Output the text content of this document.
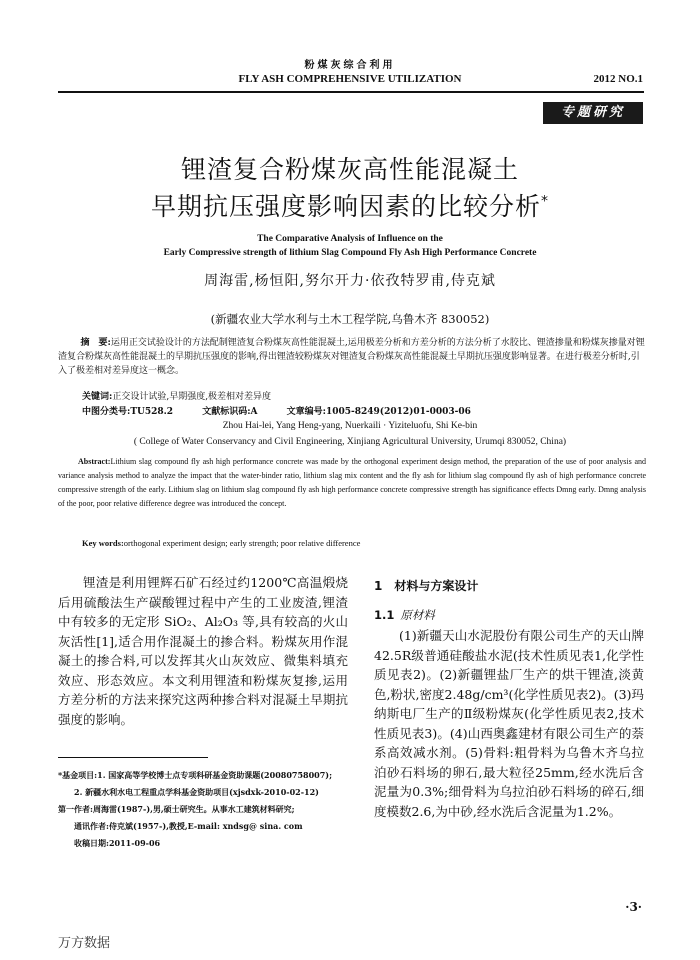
粉煤灰综合利用
FLY ASH COMPREHENSIVE UTILIZATION	2012 NO.1
专题研究
锂渣复合粉煤灰高性能混凝土
早期抗压强度影响因素的比较分析*
The Comparative Analysis of Influence on the
Early Compressive strength of lithium Slag Compound Fly Ash High Performance Concrete
周海雷,杨恒阳,努尔开力·依孜特罗甫,侍克斌
(新疆农业大学水利与土木工程学院,乌鲁木齐 830052)
摘　要:运用正交试验设计的方法配制锂渣复合粉煤灰高性能混凝土,运用极差分析和方差分析的方法分析了水胶比、锂渣掺量和粉煤灰掺量对锂渣复合粉煤灰高性能混凝土的早期抗压强度的影响,得出锂渣较粉煤灰对锂渣复合粉煤灰高性能混凝土早期抗压强度影响显著。在进行极差分析时,引入了极差相对差异度这一概念。
关键词:正交设计试验,早期强度,极差相对差异度
中图分类号:TU528.2	文献标识码:A	文章编号:1005-8249(2012)01-0003-06
Zhou Hai-lei, Yang Heng-yang, Nuerkaili · Yiziteluofu, Shi Ke-bin
( College of Water Conservancy and Civil Engineering, Xinjiang Agricultural University, Urumqi 830052, China)
Abstract:Lithium slag compound fly ash high performance concrete was made by the orthogonal experiment design method, the preparation of the use of poor analysis and variance analysis method to analyze the impact that the water-binder ratio, lithium slag mix content and the fly ash for lithium slag compound fly ash of high performance concrete compressive strength of the early. Lithium slag on lithium slag compound fly ash high performance concrete compressive strength has significance effects Dmng early. Dmng analysis of the poor, poor relative difference degree was introduced the concept.
Key words:orthogonal experiment design; early strength; poor relative difference
锂渣是利用锂辉石矿石经过约1200℃高温煅烧后用硫酸法生产碳酸锂过程中产生的工业废渣,锂渣中有较多的无定形 SiO₂、Al₂O₃ 等,具有较高的火山灰活性[1],适合用作混凝土的掺合料。粉煤灰用作混凝土的掺合料,可以发挥其火山灰效应、微集料填充效应、形态效应。本文利用锂渣和粉煤灰复掺,运用方差分析的方法来探究这两种掺合料对混凝土早期抗强度的影响。
1　材料与方案设计
1.1 原材料
(1)新疆天山水泥股份有限公司生产的天山牌42.5R级普通硅酸盐水泥(技术性质见表1,化学性质见表2)。(2)新疆锂盐厂生产的烘干锂渣,淡黄色,粉状,密度2.48g/cm³(化学性质见表2)。(3)玛纳斯电厂生产的Ⅱ级粉煤灰(化学性质见表2,技术性质见表3)。(4)山西奥鑫建材有限公司生产的萘系高效减水剂。(5)骨料:粗骨料为乌鲁木齐乌拉泊砂石料场的卵石,最大粒径25mm,经水洗后含泥量为0.3%;细骨料为乌拉泊砂石料场的碎石,细度模数2.6,为中砂,经水洗后含泥量为1.2%。
*基金项目:1. 国家高等学校博士点专项科研基金资助课题(20080758007);
2. 新疆水利水电工程重点学科基金资助项目(xjsdxk-2010-02-12)
第一作者:周海雷(1987-),男,硕士研究生。从事水工建筑材料研究;
通讯作者:侍克斌(1957-),教授,E-mail: xndsg@ sina. com
收稿日期:2011-09-06
·3·
万方数据
